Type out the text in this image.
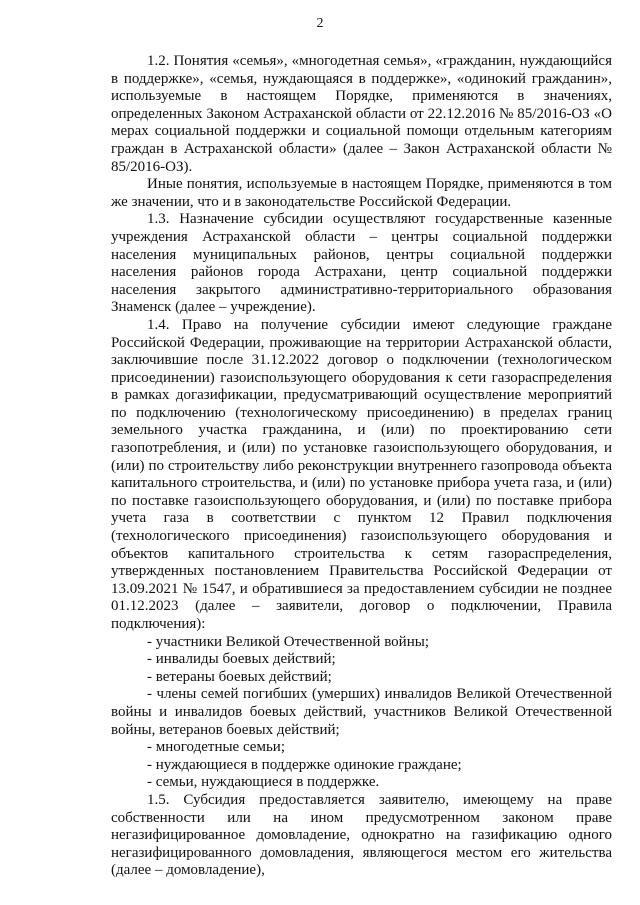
2

1.2. Понятия «семья», «многодетная семья», «гражданин, нуждающийся в поддержке», «семья, нуждающаяся в поддержке», «одинокий гражданин», используемые в настоящем Порядке, применяются в значениях, определенных Законом Астраханской области от 22.12.2016 № 85/2016-ОЗ «О мерах социальной поддержки и социальной помощи отдельным категориям граждан в Астраханской области» (далее – Закон Астраханской области № 85/2016-ОЗ).

Иные понятия, используемые в настоящем Порядке, применяются в том же значении, что и в законодательстве Российской Федерации.

1.3. Назначение субсидии осуществляют государственные казенные учреждения Астраханской области – центры социальной поддержки населения муниципальных районов, центры социальной поддержки населения районов города Астрахани, центр социальной поддержки населения закрытого административно-территориального образования Знаменск (далее – учреждение).

1.4. Право на получение субсидии имеют следующие граждане Российской Федерации, проживающие на территории Астраханской области, заключившие после 31.12.2022 договор о подключении (технологическом присоединении) газоиспользующего оборудования к сети газораспределения в рамках догазификации, предусматривающий осуществление мероприятий по подключению (технологическому присоединению) в пределах границ земельного участка гражданина, и (или) по проектированию сети газопотребления, и (или) по установке газоиспользующего оборудования, и (или) по строительству либо реконструкции внутреннего газопровода объекта капитального строительства, и (или) по установке прибора учета газа, и (или) по поставке газоиспользующего оборудования, и (или) по поставке прибора учета газа в соответствии с пунктом 12 Правил подключения (технологического присоединения) газоиспользующего оборудования и объектов капитального строительства к сетям газораспределения, утвержденных постановлением Правительства Российской Федерации от 13.09.2021 № 1547, и обратившиеся за предоставлением субсидии не позднее 01.12.2023 (далее – заявители, договор о подключении, Правила подключения):

- участники Великой Отечественной войны;

- инвалиды боевых действий;

- ветераны боевых действий;

- члены семей погибших (умерших) инвалидов Великой Отечественной войны и инвалидов боевых действий, участников Великой Отечественной войны, ветеранов боевых действий;

- многодетные семьи;

- нуждающиеся в поддержке одинокие граждане;

- семьи, нуждающиеся в поддержке.

1.5. Субсидия предоставляется заявителю, имеющему на праве собственности или на ином предусмотренном законом праве негазифицированное домовладение, однократно на газификацию одного негазифицированного домовладения, являющегося местом его жительства (далее – домовладение),
